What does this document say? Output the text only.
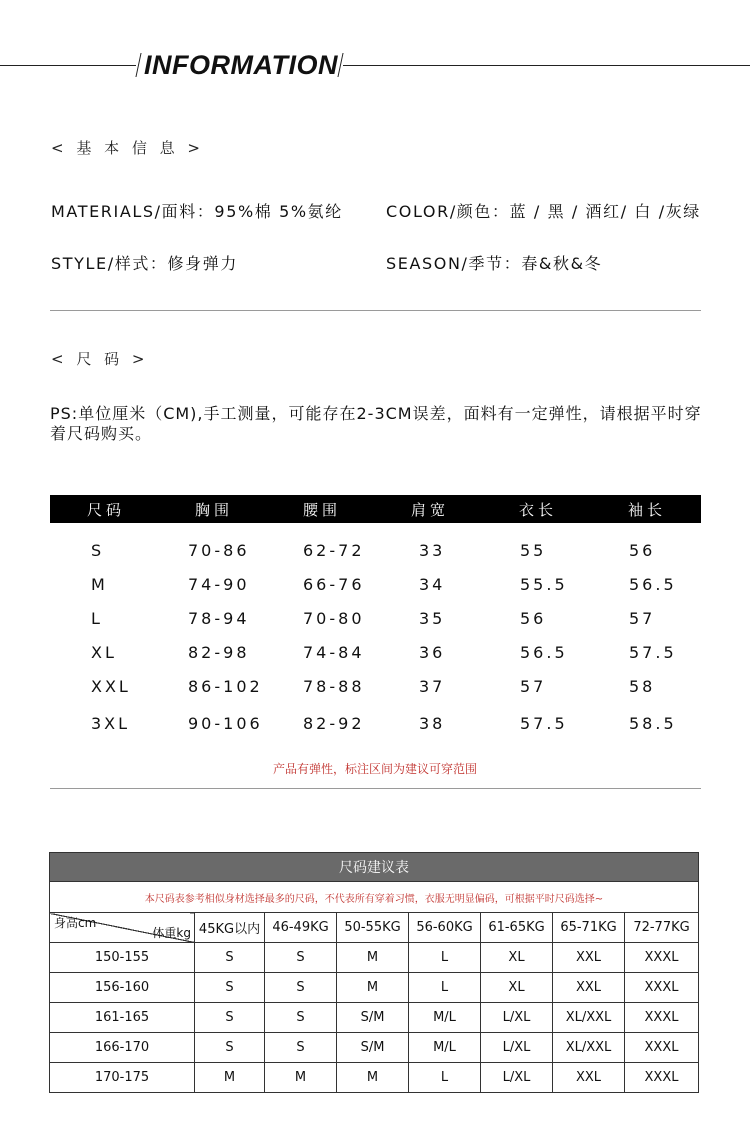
INFORMATION
< 基 本 信 息 >
MATERIALS/面料：95%棉 5%氨纶	COLOR/颜色：蓝 / 黑 / 酒红/ 白 /灰绿
STYLE/样式：修身弹力	SEASON/季节：春&秋&冬
< 尺 码 >
PS:单位厘米（CM),手工测量，可能存在2-3CM误差，面料有一定弹性，请根据平时穿着尺码购买。
尺码	胸围	腰围	肩宽	衣长	袖长
S	70-86	62-72	33	55	56
M	74-90	66-76	34	55.5	56.5
L	78-94	70-80	35	56	57
XL	82-98	74-84	36	56.5	57.5
XXL	86-102	78-88	37	57	58
3XL	90-106	82-92	38	57.5	58.5
产品有弹性，标注区间为建议可穿范围
尺码建议表							
本尺码表参考相似身材选择最多的尺码，不代表所有穿着习惯，衣服无明显偏码，可根据平时尺码选择~							

身高cm
体重kg	45KG以内	46-49KG	50-55KG	56-60KG	61-65KG	65-71KG	72-77KG
150-155	S	S	M	L	XL	XXL	XXXL
156-160	S	S	M	L	XL	XXL	XXXL
161-165	S	S	S/M	M/L	L/XL	XL/XXL	XXXL
166-170	S	S	S/M	M/L	L/XL	XL/XXL	XXXL
170-175	M	M	M	L	L/XL	XXL	XXXL
